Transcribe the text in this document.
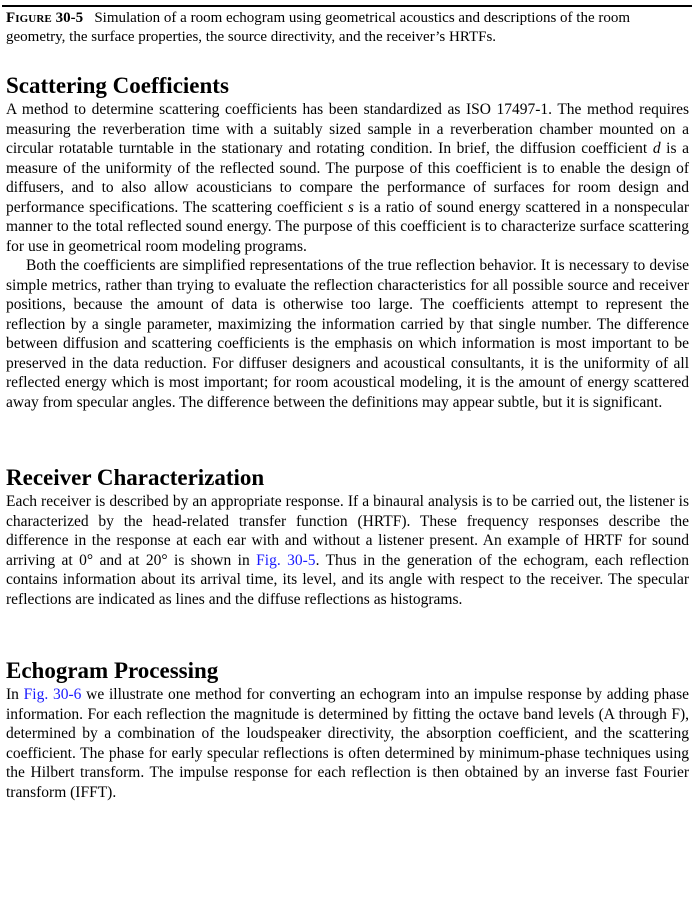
Figure 30-5 Simulation of a room echogram using geometrical acoustics and descriptions of the room geometry, the surface properties, the source directivity, and the receiver’s HRTFs.
Scattering Coefficients

A method to determine scattering coefficients has been standardized as ISO 17497-1. The method requires measuring the reverberation time with a suitably sized sample in a reverberation chamber mounted on a circular rotatable turntable in the stationary and rotating condition. In brief, the diffusion coefficient d is a measure of the uniformity of the reflected sound. The purpose of this coefficient is to enable the design of diffusers, and to also allow acousticians to compare the performance of surfaces for room design and performance specifications. The scattering coefficient s is a ratio of sound energy scattered in a nonspecular manner to the total reflected sound energy. The purpose of this coefficient is to characterize surface scattering for use in geometrical room modeling programs.

Both the coefficients are simplified representations of the true reflection behavior. It is necessary to devise simple metrics, rather than trying to evaluate the reflection characteristics for all possible source and receiver positions, because the amount of data is otherwise too large. The coefficients attempt to represent the reflection by a single parameter, maximizing the information carried by that single number. The difference between diffusion and scattering coefficients is the emphasis on which information is most important to be preserved in the data reduction. For diffuser designers and acoustical consultants, it is the uniformity of all reflected energy which is most important; for room acoustical modeling, it is the amount of energy scattered away from specular angles. The difference between the definitions may appear subtle, but it is significant.

Receiver Characterization

Each receiver is described by an appropriate response. If a binaural analysis is to be carried out, the listener is characterized by the head-related transfer function (HRTF). These frequency responses describe the difference in the response at each ear with and without a listener present. An example of HRTF for sound arriving at 0° and at 20° is shown in Fig. 30-5. Thus in the generation of the echogram, each reflection contains information about its arrival time, its level, and its angle with respect to the receiver. The specular reflections are indicated as lines and the diffuse reflections as histograms.

Echogram Processing

In Fig. 30-6 we illustrate one method for converting an echogram into an impulse response by adding phase information. For each reflection the magnitude is determined by fitting the octave band levels (A through F), determined by a combination of the loudspeaker directivity, the absorption coefficient, and the scattering coefficient. The phase for early specular reflections is often determined by minimum-phase techniques using the Hilbert transform. The impulse response for each reflection is then obtained by an inverse fast Fourier transform (IFFT).
